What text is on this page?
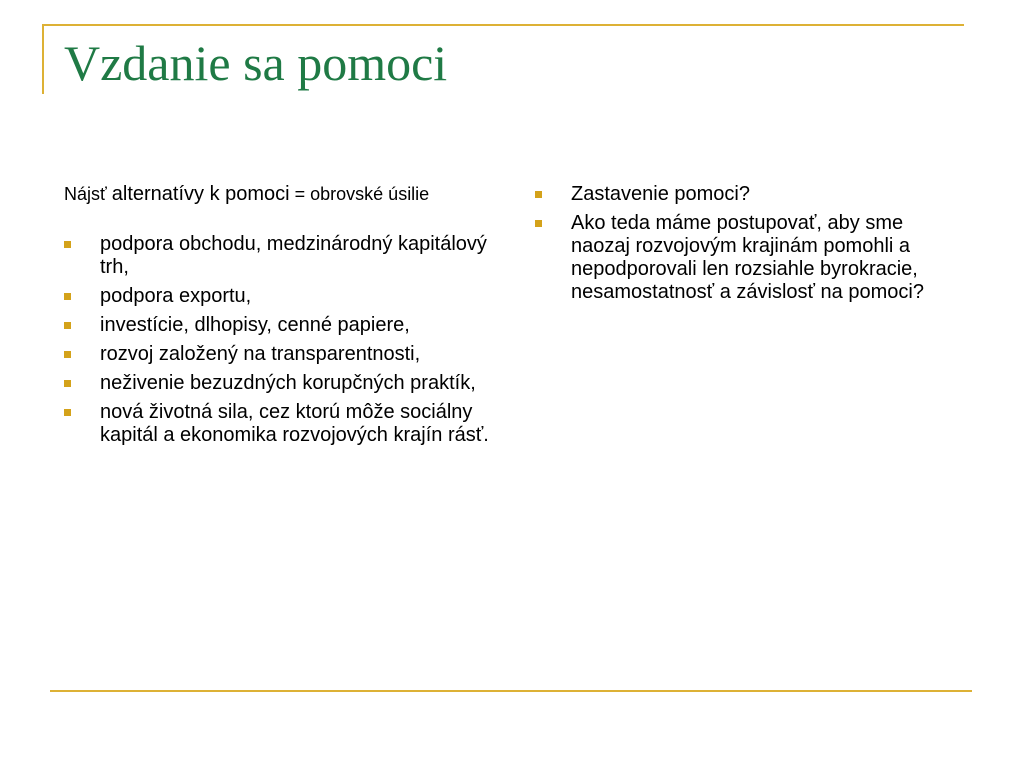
Vzdanie sa pomoci

Nájsť alternatívy k pomoci = obrovské úsilie

podpora obchodu, medzinárodný kapitálový trh,
podpora exportu,
investície, dlhopisy, cenné papiere,
rozvoj založený na transparentnosti,
neživenie bezuzdných korupčných praktík,
nová životná sila, cez ktorú môže sociálny kapitál a ekonomika rozvojových krajín rásť.
Zastavenie pomoci?
Ako teda máme postupovať, aby sme naozaj rozvojovým krajinám pomohli a nepodporovali len rozsiahle byrokracie, nesamostatnosť a závislosť na pomoci?
